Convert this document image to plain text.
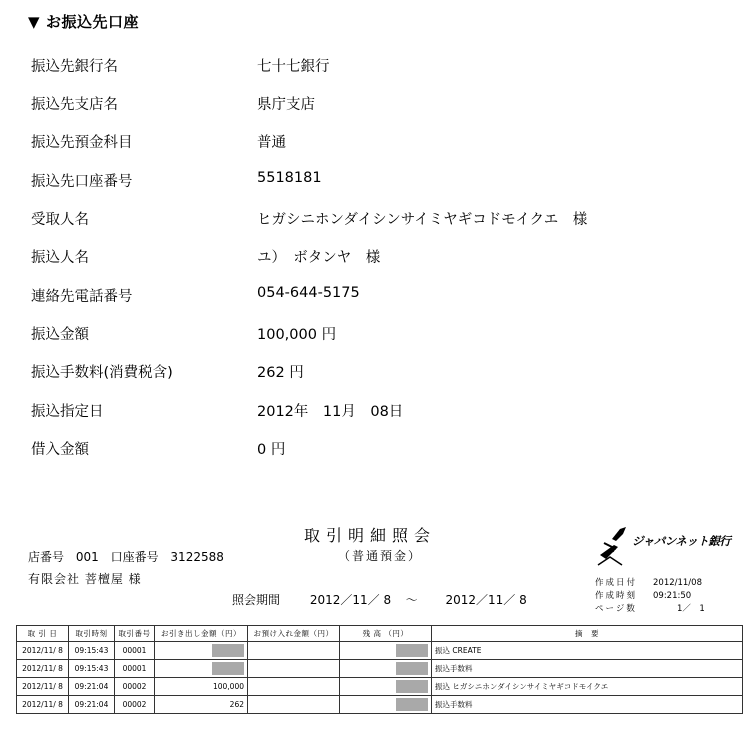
▼ お振込先口座
振込先銀行名	七十七銀行
振込先支店名	県庁支店
振込先預金科目	普通
振込先口座番号	5518181
受取人名	ヒガシニホンダイシンサイミヤギコドモイクエ　様
振込人名	ユ）　ボタンヤ　様
連絡先電話番号	054-644-5175
振込金額	100,000 円
振込手数料(消費税含)	262 円
振込指定日	2012年　11月　08日
借入金額	0 円
取引明細照会
（普通預金）
ジャパンネット銀行
店番号 001 口座番号 3122588
有限会社 菩檀屋 様
照会期間 2012／11／ 8 ～ 2012／11／ 8
作成日付	2012/11/08
作成時刻	09:21:50
ページ数	1／　1
取 引 日	取引時刻	取引番号	お引き出し金額（円）	お預け入れ金額（円）	残 高 （円）	摘　要
2012/11/ 8	09:15:43	00001				振込 CREATE
2012/11/ 8	09:15:43	00001				振込手数料
2012/11/ 8	09:21:04	00002	100,000			振込 ヒガシニホンダイシンサイミヤギコドモイクエ
2012/11/ 8	09:21:04	00002	262			振込手数料
